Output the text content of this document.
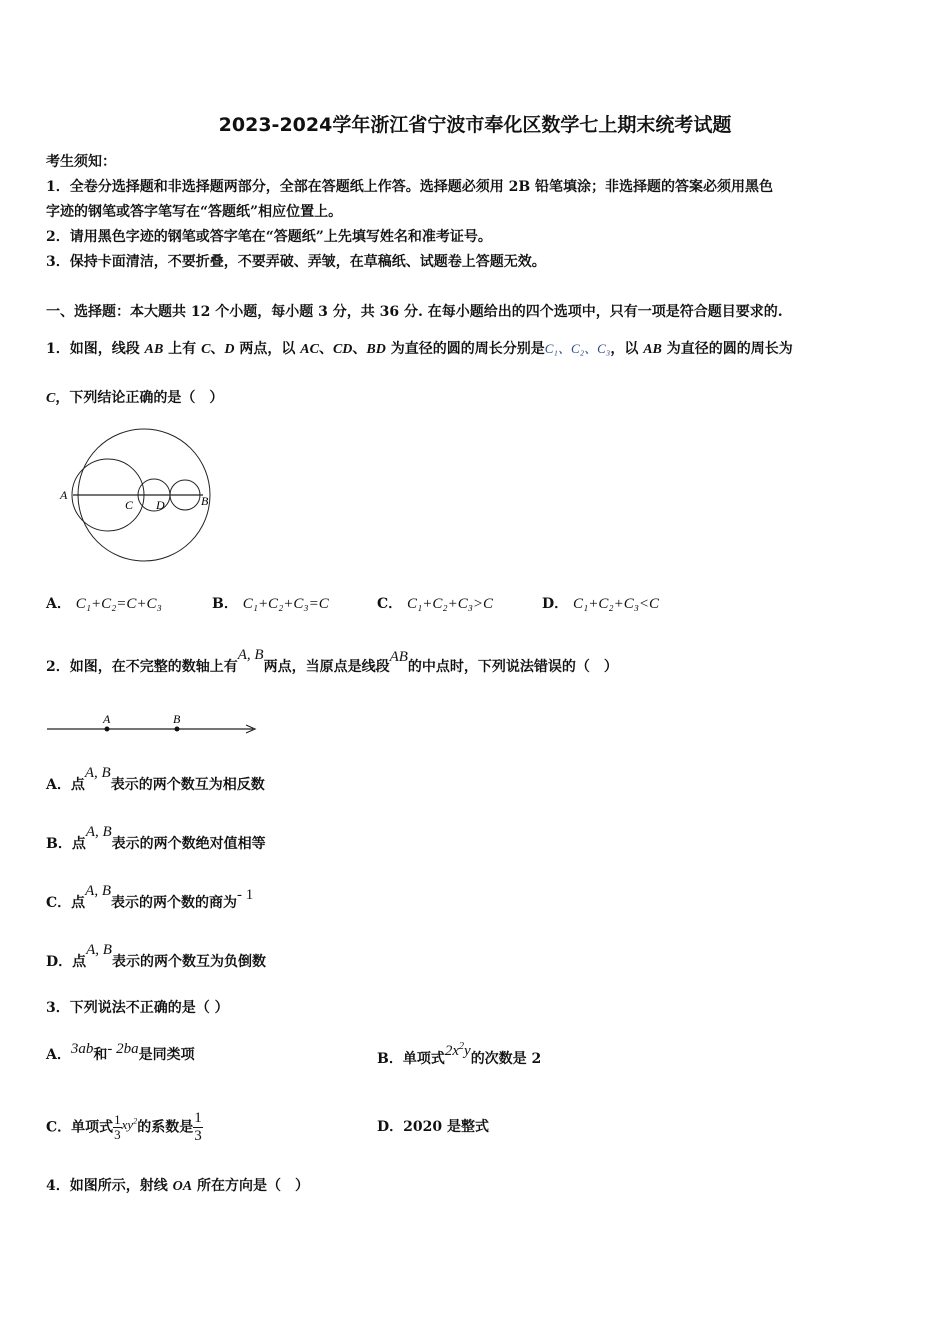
2023-2024学年浙江省宁波市奉化区数学七上期末统考试题
考生须知：
1．全卷分选择题和非选择题两部分，全部在答题纸上作答。选择题必须用 2B 铅笔填涂；非选择题的答案必须用黑色
字迹的钢笔或答字笔写在“答题纸”相应位置上。
2．请用黑色字迹的钢笔或答字笔在“答题纸”上先填写姓名和准考证号。
3．保持卡面清洁，不要折叠，不要弄破、弄皱，在草稿纸、试题卷上答题无效。
一、选择题：本大题共 12 个小题，每小题 3 分，共 36 分. 在每小题给出的四个选项中，只有一项是符合题目要求的.
1．如图，线段 AB 上有 C、D 两点，以 AC、CD、BD 为直径的圆的周长分别是C₁、C₂、C₃，以 AB 为直径的圆的周长为
C，下列结论正确的是（　）
A
C D	B
A． C₁+C₂=C+C₃	B． C₁+C₂+C₃=C	C． C₁+C₂+C₃>C	D． C₁+C₂+C₃<C
2．如图，在不完整的数轴上有A, B两点，当原点是线段AB的中点时，下列说法错误的（　）
A	B
A．点A, B表示的两个数互为相反数
B．点A, B表示的两个数绝对值相等
C．点A, B表示的两个数的商为- 1
D．点A, B表示的两个数互为负倒数
3．下列说法不正确的是（ ）
A．3ab和- 2ba是同类项	B．单项式$2x^2y$的次数是 2
C．单项式 $\frac{1}{3} xy^2$的系数是 $\frac{1}{3}$	D．2020 是整式
4．如图所示，射线 OA 所在方向是（　）
